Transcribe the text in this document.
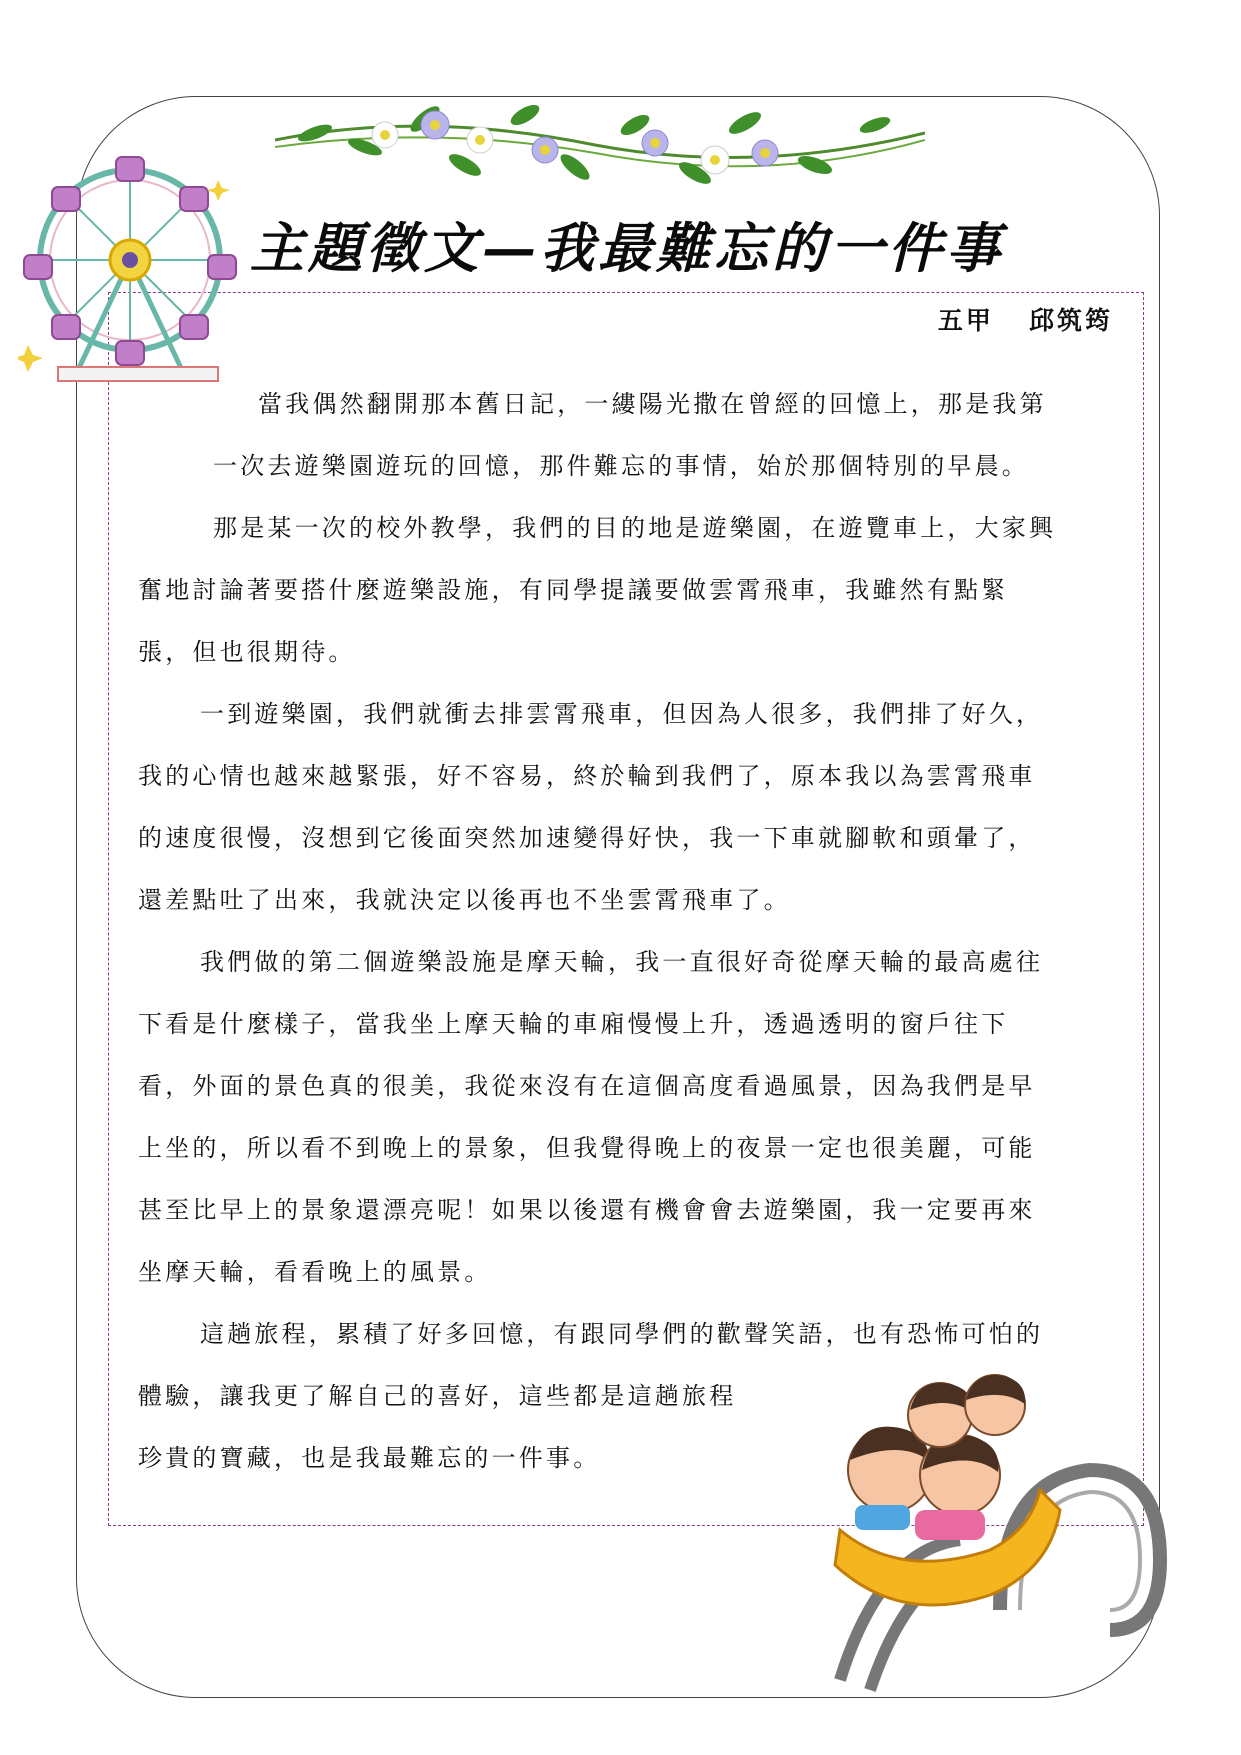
主題徵文—我最難忘的一件事

五甲   邱筑筠

當我偶然翻開那本舊日記，一縷陽光撒在曾經的回憶上，那是我第

一次去遊樂園遊玩的回憶，那件難忘的事情，始於那個特別的早晨。

那是某一次的校外教學，我們的目的地是遊樂園，在遊覽車上，大家興

奮地討論著要搭什麼遊樂設施，有同學提議要做雲霄飛車，我雖然有點緊

張，但也很期待。

一到遊樂園，我們就衝去排雲霄飛車，但因為人很多，我們排了好久，

我的心情也越來越緊張，好不容易，終於輪到我們了，原本我以為雲霄飛車

的速度很慢，沒想到它後面突然加速變得好快，我一下車就腳軟和頭暈了，

還差點吐了出來，我就決定以後再也不坐雲霄飛車了。

我們做的第二個遊樂設施是摩天輪，我一直很好奇從摩天輪的最高處往

下看是什麼樣子，當我坐上摩天輪的車廂慢慢上升，透過透明的窗戶往下

看，外面的景色真的很美，我從來沒有在這個高度看過風景，因為我們是早

上坐的，所以看不到晚上的景象，但我覺得晚上的夜景一定也很美麗，可能

甚至比早上的景象還漂亮呢！如果以後還有機會會去遊樂園，我一定要再來

坐摩天輪，看看晚上的風景。

這趟旅程，累積了好多回憶，有跟同學們的歡聲笑語，也有恐怖可怕的

體驗，讓我更了解自己的喜好，這些都是這趟旅程

珍貴的寶藏，也是我最難忘的一件事。
